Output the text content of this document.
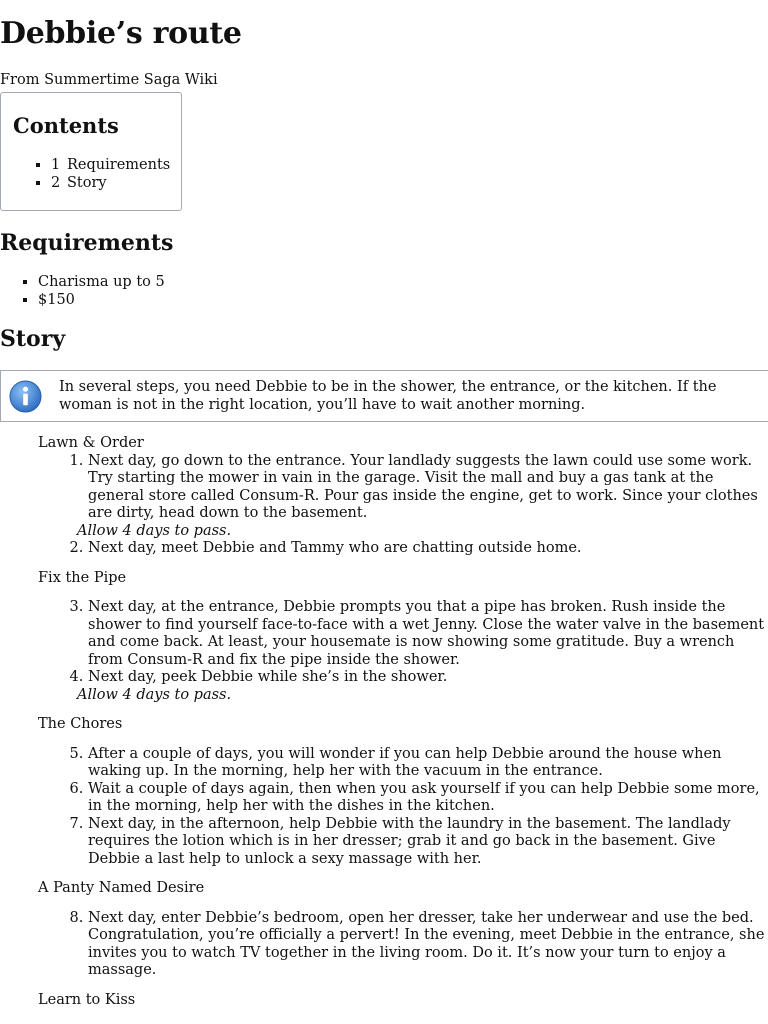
Debbie’s route
From Summertime Saga Wiki
Contents
▪ 1 Requirements
▪ 2 Story
Requirements
▪ Charisma up to 5
▪ $150
Story
In several steps, you need Debbie to be in the shower, the entrance, or the kitchen. If the woman is not in the right location, you’ll have to wait another morning.
Lawn & Order
1. Next day, go down to the entrance. Your landlady suggests the lawn could use some work. Try starting the mower in vain in the garage. Visit the mall and buy a gas tank at the general store called Consum-R. Pour gas inside the engine, get to work. Since your clothes are dirty, head down to the basement.
Allow 4 days to pass.
2. Next day, meet Debbie and Tammy who are chatting outside home.
Fix the Pipe
3. Next day, at the entrance, Debbie prompts you that a pipe has broken. Rush inside the shower to find yourself face-to-face with a wet Jenny. Close the water valve in the basement and come back. At least, your housemate is now showing some gratitude. Buy a wrench from Consum-R and fix the pipe inside the shower.
4. Next day, peek Debbie while she’s in the shower.
Allow 4 days to pass.
The Chores
5. After a couple of days, you will wonder if you can help Debbie around the house when waking up. In the morning, help her with the vacuum in the entrance.
6. Wait a couple of days again, then when you ask yourself if you can help Debbie some more, in the morning, help her with the dishes in the kitchen.
7. Next day, in the afternoon, help Debbie with the laundry in the basement. The landlady requires the lotion which is in her dresser; grab it and go back in the basement. Give Debbie a last help to unlock a sexy massage with her.
A Panty Named Desire
8. Next day, enter Debbie’s bedroom, open her dresser, take her underwear and use the bed. Congratulation, you’re officially a pervert! In the evening, meet Debbie in the entrance, she invites you to watch TV together in the living room. Do it. It’s now your turn to enjoy a massage.
Learn to Kiss
